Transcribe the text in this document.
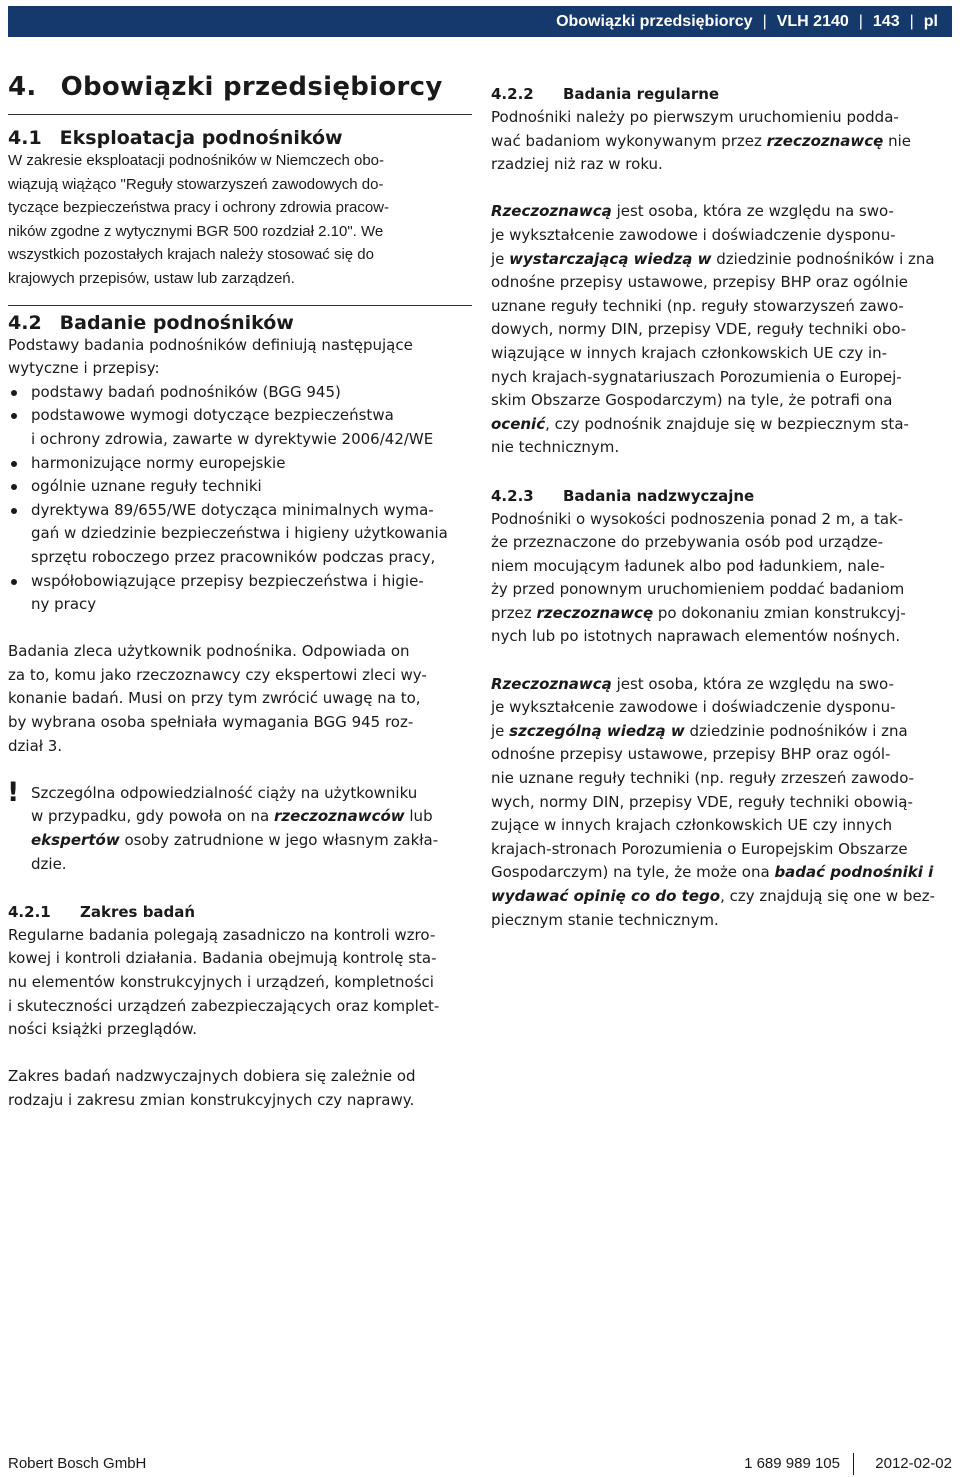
Obowiązki przedsiębiorcy | VLH 2140 | 143 | pl
4. Obowiązki przedsiębiorcy
4.1 Eksploatacja podnośników

W zakresie eksploatacji podnośników w Niemczech obo-

wiązują wiążąco "Reguły stowarzyszeń zawodowych do-

tyczące bezpieczeństwa pracy i ochrony zdrowia pracow-

ników zgodne z wytycznymi BGR 500 rozdział 2.10". We

wszystkich pozostałych krajach należy stosować się do

krajowych przepisów, ustaw lub zarządzeń.

4.2 Badanie podnośników

Podstawy badania podnośników definiują następujące

wytyczne i przepisy:

podstawy badań podnośników (BGG 945)
podstawowe wymogi dotyczące bezpieczeństwa
i ochrony zdrowia, zawarte w dyrektywie 2006/42/WE
harmonizujące normy europejskie
ogólnie uznane reguły techniki
dyrektywa 89/655/WE dotycząca minimalnych wyma-
gań w dziedzinie bezpieczeństwa i higieny użytkowania
sprzętu roboczego przez pracowników podczas pracy,
współobowiązujące przepisy bezpieczeństwa i higie-
ny pracy

Badania zleca użytkownik podnośnika. Odpowiada on

za to, komu jako rzeczoznawcy czy ekspertowi zleci wy-

konanie badań. Musi on przy tym zwrócić uwagę na to,

by wybrana osoba spełniała wymagania BGG 945 roz-

dział 3.

! Szczególna odpowiedzialność ciąży na użytkowniku

w przypadku, gdy powoła on na rzeczoznawców lub

ekspertów osoby zatrudnione w jego własnym zakła-

dzie.

4.2.1 Zakres badań

Regularne badania polegają zasadniczo na kontroli wzro-

kowej i kontroli działania. Badania obejmują kontrolę sta-

nu elementów konstrukcyjnych i urządzeń, kompletności

i skuteczności urządzeń zabezpieczających oraz komplet-

ności książki przeglądów.

Zakres badań nadzwyczajnych dobiera się zależnie od

rodzaju i zakresu zmian konstrukcyjnych czy naprawy.

4.2.2 Badania regularne

Podnośniki należy po pierwszym uruchomieniu podda-

wać badaniom wykonywanym przez rzeczoznawcę nie

rzadziej niż raz w roku.

Rzeczoznawcą jest osoba, która ze względu na swo-

je wykształcenie zawodowe i doświadczenie dysponu-

je wystarczającą wiedzą w dziedzinie podnośników i zna

odnośne przepisy ustawowe, przepisy BHP oraz ogólnie

uznane reguły techniki (np. reguły stowarzyszeń zawo-

dowych, normy DIN, przepisy VDE, reguły techniki obo-

wiązujące w innych krajach członkowskich UE czy in-

nych krajach-sygnatariuszach Porozumienia o Europej-

skim Obszarze Gospodarczym) na tyle, że potrafi ona

ocenić, czy podnośnik znajduje się w bezpiecznym sta-

nie technicznym.

4.2.3 Badania nadzwyczajne

Podnośniki o wysokości podnoszenia ponad 2 m, a tak-

że przeznaczone do przebywania osób pod urządze-

niem mocującym ładunek albo pod ładunkiem, nale-

ży przed ponownym uruchomieniem poddać badaniom

przez rzeczoznawcę po dokonaniu zmian konstrukcyj-

nych lub po istotnych naprawach elementów nośnych.

Rzeczoznawcą jest osoba, która ze względu na swo-

je wykształcenie zawodowe i doświadczenie dysponu-

je szczególną wiedzą w dziedzinie podnośników i zna

odnośne przepisy ustawowe, przepisy BHP oraz ogól-

nie uznane reguły techniki (np. reguły zrzeszeń zawodo-

wych, normy DIN, przepisy VDE, reguły techniki obowią-

zujące w innych krajach członkowskich UE czy innych

krajach-stronach Porozumienia o Europejskim Obszarze

Gospodarczym) na tyle, że może ona badać podnośniki i

wydawać opinię co do tego, czy znajdują się one w bez-

piecznym stanie technicznym.

Robert Bosch GmbH	1 689 989 105 2012-02-02
